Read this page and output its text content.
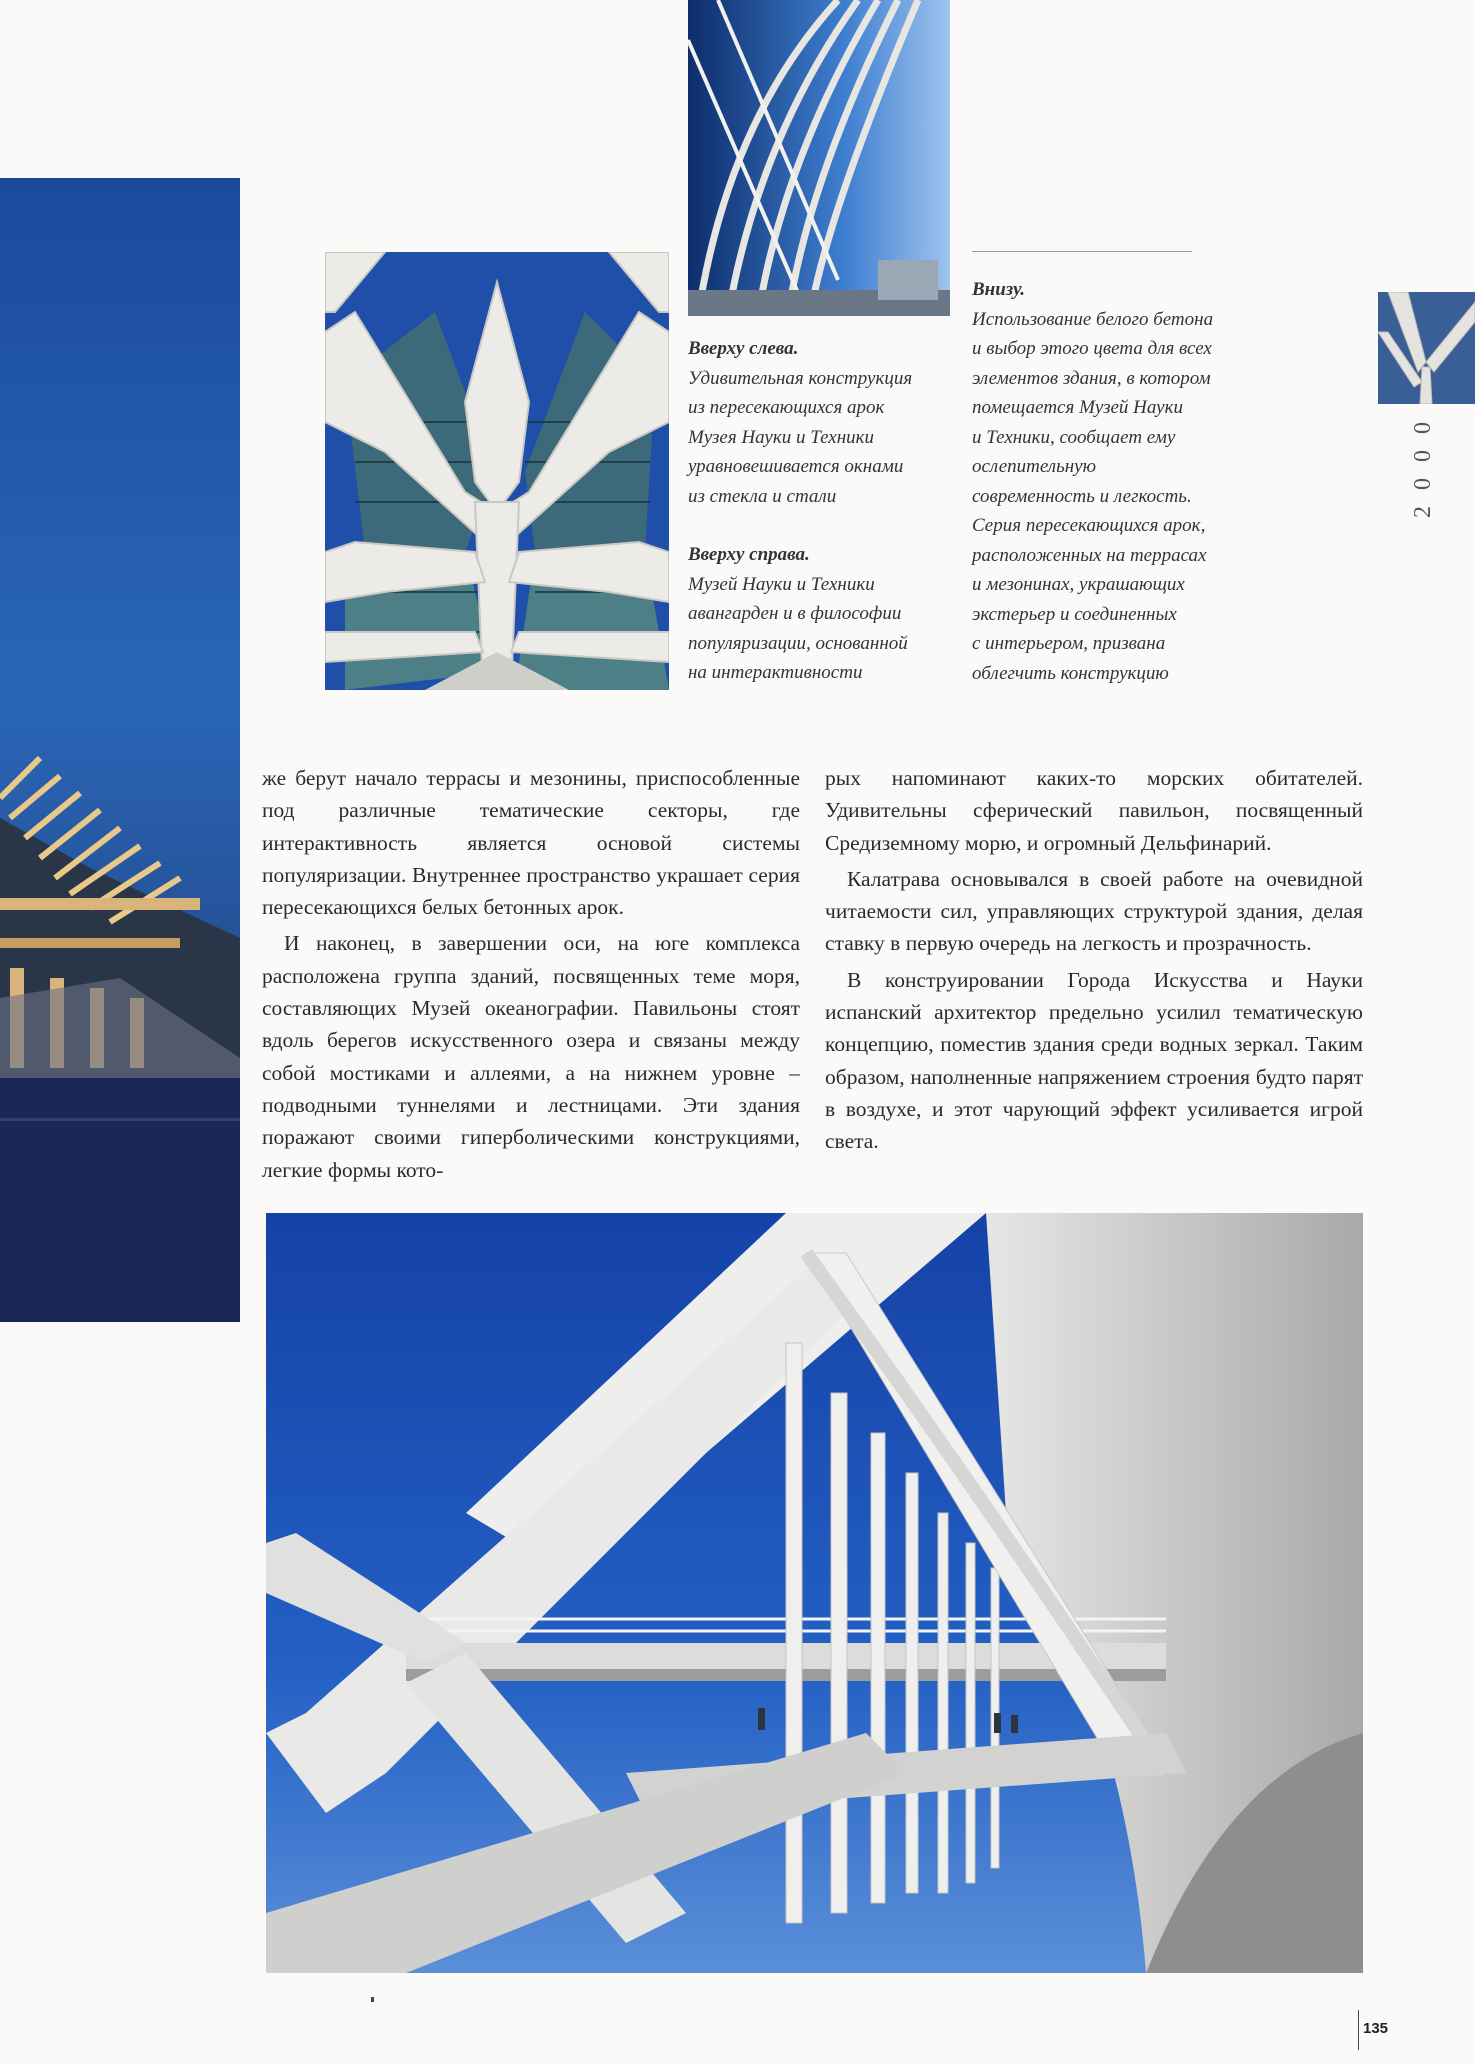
Вверху слева.
Удивительная конструкция
из пересекающихся арок
Музея Науки и Техники
уравновешивается окнами
из стекла и стали
Вверху справа.
Музей Науки и Техники
авангарден и в философии
популяризации, основанной
на интерактивности
Внизу.
Использование белого бетона
и выбор этого цвета для всех
элементов здания, в котором
помещается Музей Науки
и Техники, сообщает ему
ослепительную
современность и легкость.
Серия пересекающихся арок,
расположенных на террасах
и мезонинах, украшающих
экстерьер и соединенных
с интерьером, призвана
облегчить конструкцию
2000

же берут начало террасы и мезонины, приспособленные под различные тематические секторы, где интерактивность является основой системы популяризации. Внутреннее пространство украшает серия пересекающихся белых бетонных арок.

И наконец, в завершении оси, на юге комплекса расположена группа зданий, посвященных теме моря, составляющих Музей океанографии. Павильоны стоят вдоль берегов искусственного озера и связаны между собой мостиками и аллеями, а на нижнем уровне – подводными туннелями и лестницами. Эти здания поражают своими гиперболическими конструкциями, легкие формы кото-

рых напоминают каких-то морских обитателей. Удивительны сферический павильон, посвященный Средиземному морю, и огромный Дельфинарий.

Калатрава основывался в своей работе на очевидной читаемости сил, управляющих структурой здания, делая ставку в первую очередь на легкость и прозрачность.

В конструировании Города Искусства и Науки испанский архитектор предельно усилил тематическую концепцию, поместив здания среди водных зеркал. Таким образом, наполненные напряжением строения будто парят в воздухе, и этот чарующий эффект усиливается игрой света.

135
